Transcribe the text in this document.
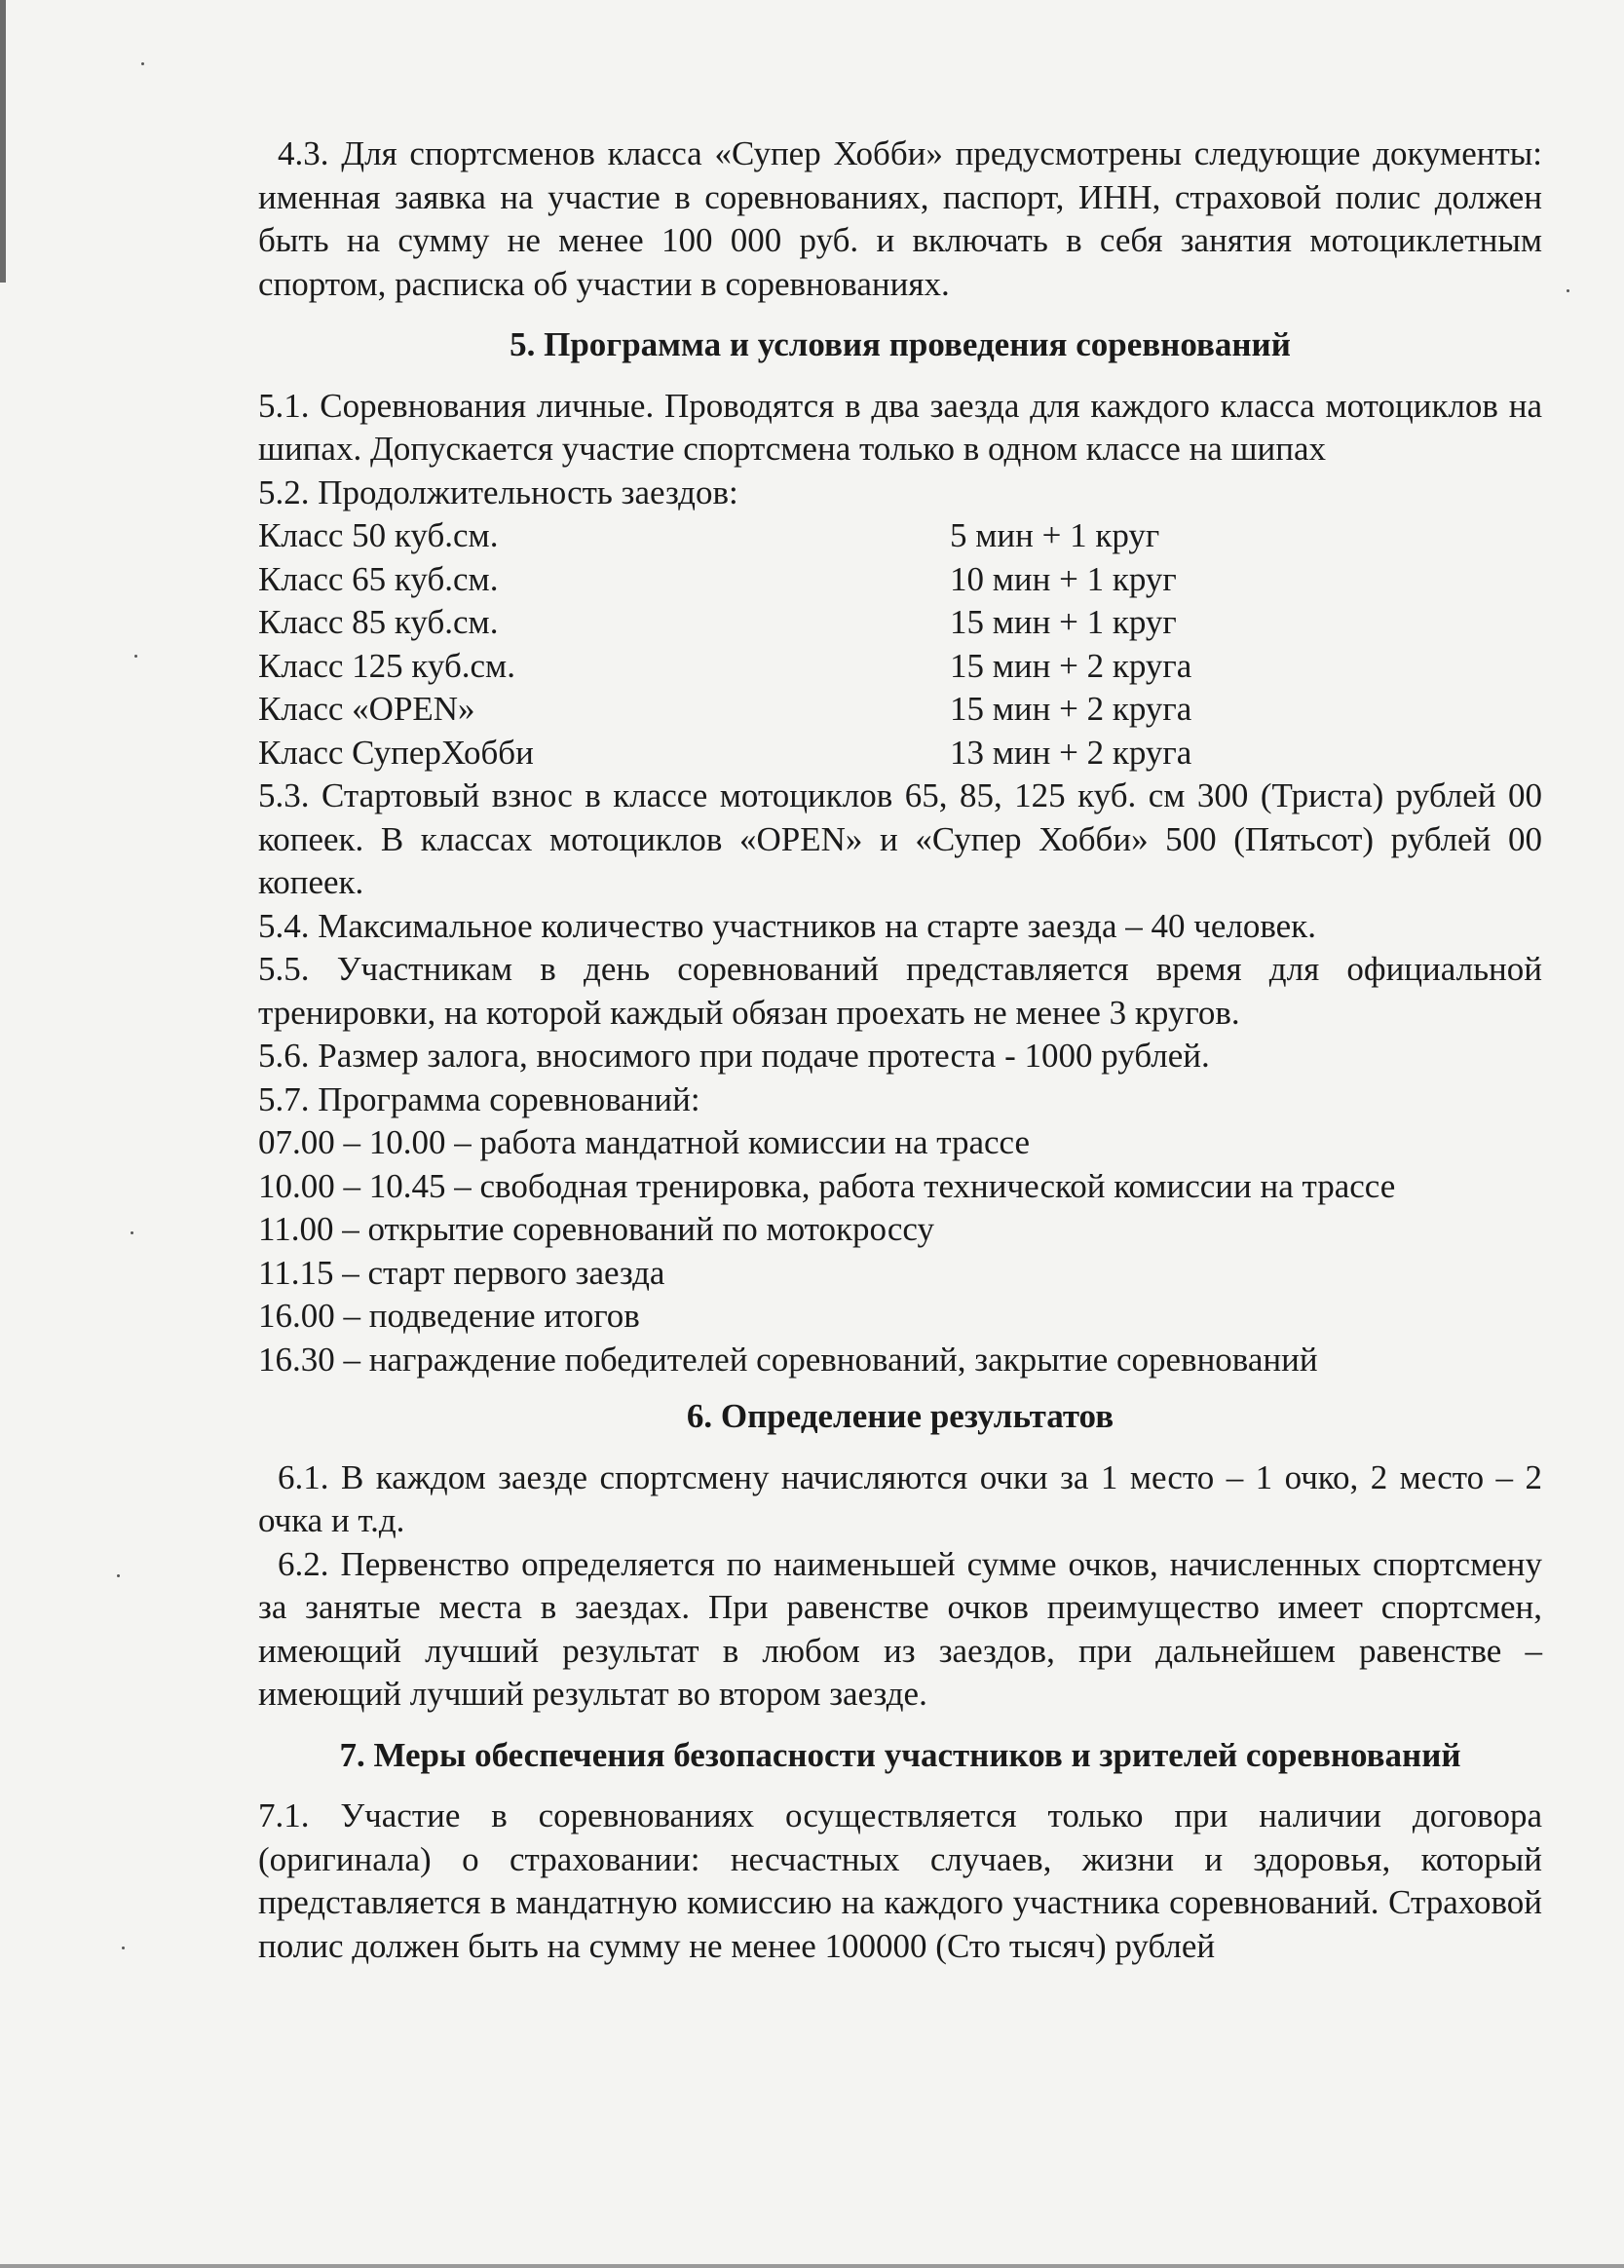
4.3. Для спортсменов класса «Супер Хобби» предусмотрены следующие документы: именная заявка на участие в соревнованиях, паспорт, ИНН, страховой полис должен быть на сумму не менее 100 000 руб. и включать в себя занятия мотоциклетным спортом, расписка об участии в соревнованиях.

5. Программа и условия проведения соревнований

5.1. Соревнования личные. Проводятся в два заезда для каждого класса мотоциклов на шипах. Допускается участие спортсмена только в одном классе на шипах

5.2. Продолжительность заездов:

Класс 50 куб.см.	5 мин + 1 круг
Класс 65 куб.см.	10 мин + 1 круг
Класс 85 куб.см.	15 мин + 1 круг
Класс 125 куб.см.	15 мин + 2 круга
Класс «OPEN»	15 мин + 2 круга
Класс СуперХобби	13 мин + 2 круга

5.3. Стартовый взнос в классе мотоциклов 65, 85, 125 куб. см 300 (Триста) рублей 00 копеек. В классах мотоциклов «OPEN» и «Супер Хобби» 500 (Пятьсот) рублей 00 копеек.

5.4. Максимальное количество участников на старте заезда – 40 человек.

5.5. Участникам в день соревнований представляется время для официальной тренировки, на которой каждый обязан проехать не менее 3 кругов.

5.6. Размер залога, вносимого при подаче протеста - 1000 рублей.

5.7. Программа соревнований:

07.00 – 10.00 – работа мандатной комиссии на трассе

10.00 – 10.45 – свободная тренировка, работа технической комиссии на трассе

11.00 – открытие соревнований по мотокроссу

11.15 – старт первого заезда

16.00 – подведение итогов

16.30 – награждение победителей соревнований, закрытие соревнований

6. Определение результатов

6.1. В каждом заезде спортсмену начисляются очки за 1 место – 1 очко, 2 место – 2 очка и т.д.

6.2. Первенство определяется по наименьшей сумме очков, начисленных спортсмену за занятые места в заездах. При равенстве очков преимущество имеет спортсмен, имеющий лучший результат в любом из заездов, при дальнейшем равенстве – имеющий лучший результат во втором заезде.

7. Меры обеспечения безопасности участников и зрителей соревнований

7.1. Участие в соревнованиях осуществляется только при наличии договора (оригинала) о страховании: несчастных случаев, жизни и здоровья, который представляется в мандатную комиссию на каждого участника соревнований. Страховой полис должен быть на сумму не менее 100000 (Сто тысяч) рублей
